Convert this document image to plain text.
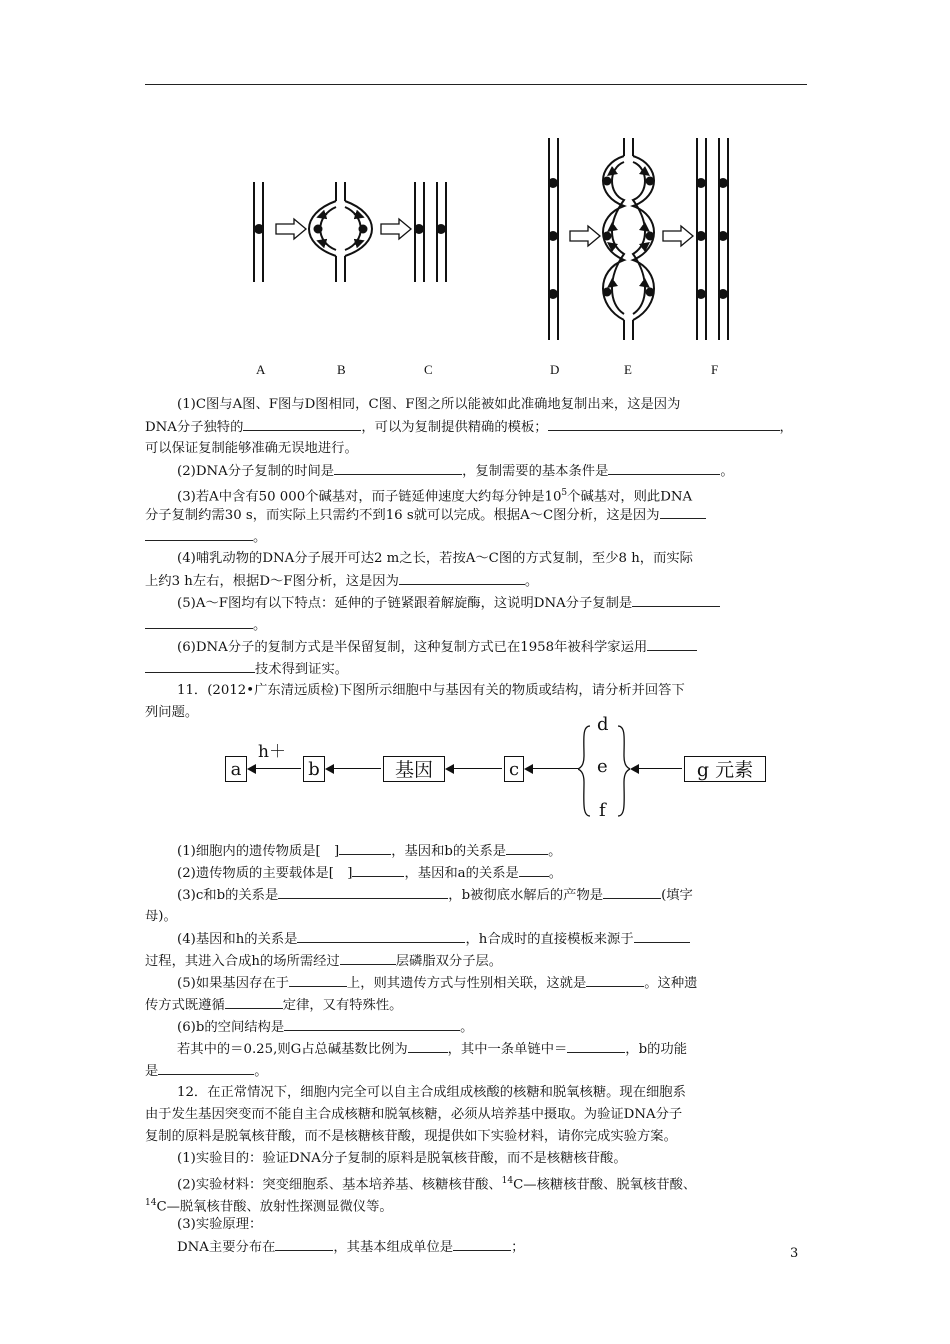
A	B	C	D	E	F
(1)C图与A图、F图与D图相同，C图、F图之所以能被如此准确地复制出来，这是因为
DNA分子独特的	，可以为复制提供精确的模板；	，
可以保证复制能够准确无误地进行。
(2)DNA分子复制的时间是	，复制需要的基本条件是	。
(3)若A中含有50 000个碱基对，而子链延伸速度大约每分钟是$10^5$个碱基对，则此DNA
分子复制约需30 s，而实际上只需约不到16 s就可以完成。根据A～C图分析，这是因为
。
(4)哺乳动物的DNA分子展开可达2 m之长，若按A～C图的方式复制，至少8 h，而实际
上约3 h左右，根据D～F图分析，这是因为	。
(5)A～F图均有以下特点：延伸的子链紧跟着解旋酶，这说明DNA分子复制是
。
(6)DNA分子的复制方式是半保留复制，这种复制方式已在1958年被科学家运用
技术得到证实。
11．(2012•广东清远质检)下图所示细胞中与基因有关的物质或结构，请分析并回答下
列问题。
a
h＋
b	基因	c
d
e
f
g 元素
(1)细胞内的遗传物质是[　]	，基因和b的关系是	。
(2)遗传物质的主要载体是[　]	，基因和a的关系是 。
(3)c和b的关系是	，b被彻底水解后的产物是	(填字
母)。
(4)基因和h的关系是	，h合成时的直接模板来源于
过程，其进入合成h的场所需经过	层磷脂双分子层。
(5)如果基因存在于	上，则其遗传方式与性别相关联，这就是	。这种遗
传方式既遵循	定律，又有特殊性。
(6)b的空间结构是	。
若其中的＝0.25,则G占总碱基数比例为	，其中一条单链中＝	，b的功能
是	。
12．在正常情况下，细胞内完全可以自主合成组成核酸的核糖和脱氧核糖。现在细胞系
由于发生基因突变而不能自主合成核糖和脱氧核糖，必须从培养基中摄取。为验证DNA分子
复制的原料是脱氧核苷酸，而不是核糖核苷酸，现提供如下实验材料，请你完成实验方案。
(1)实验目的：验证DNA分子复制的原料是脱氧核苷酸，而不是核糖核苷酸。
(2)实验材料：突变细胞系、基本培养基、核糖核苷酸、$^{14}$C—核糖核苷酸、脱氧核苷酸、
$^{14}$C—脱氧核苷酸、放射性探测显微仪等。
(3)实验原理：
DNA主要分布在	，其基本组成单位是	；	3
